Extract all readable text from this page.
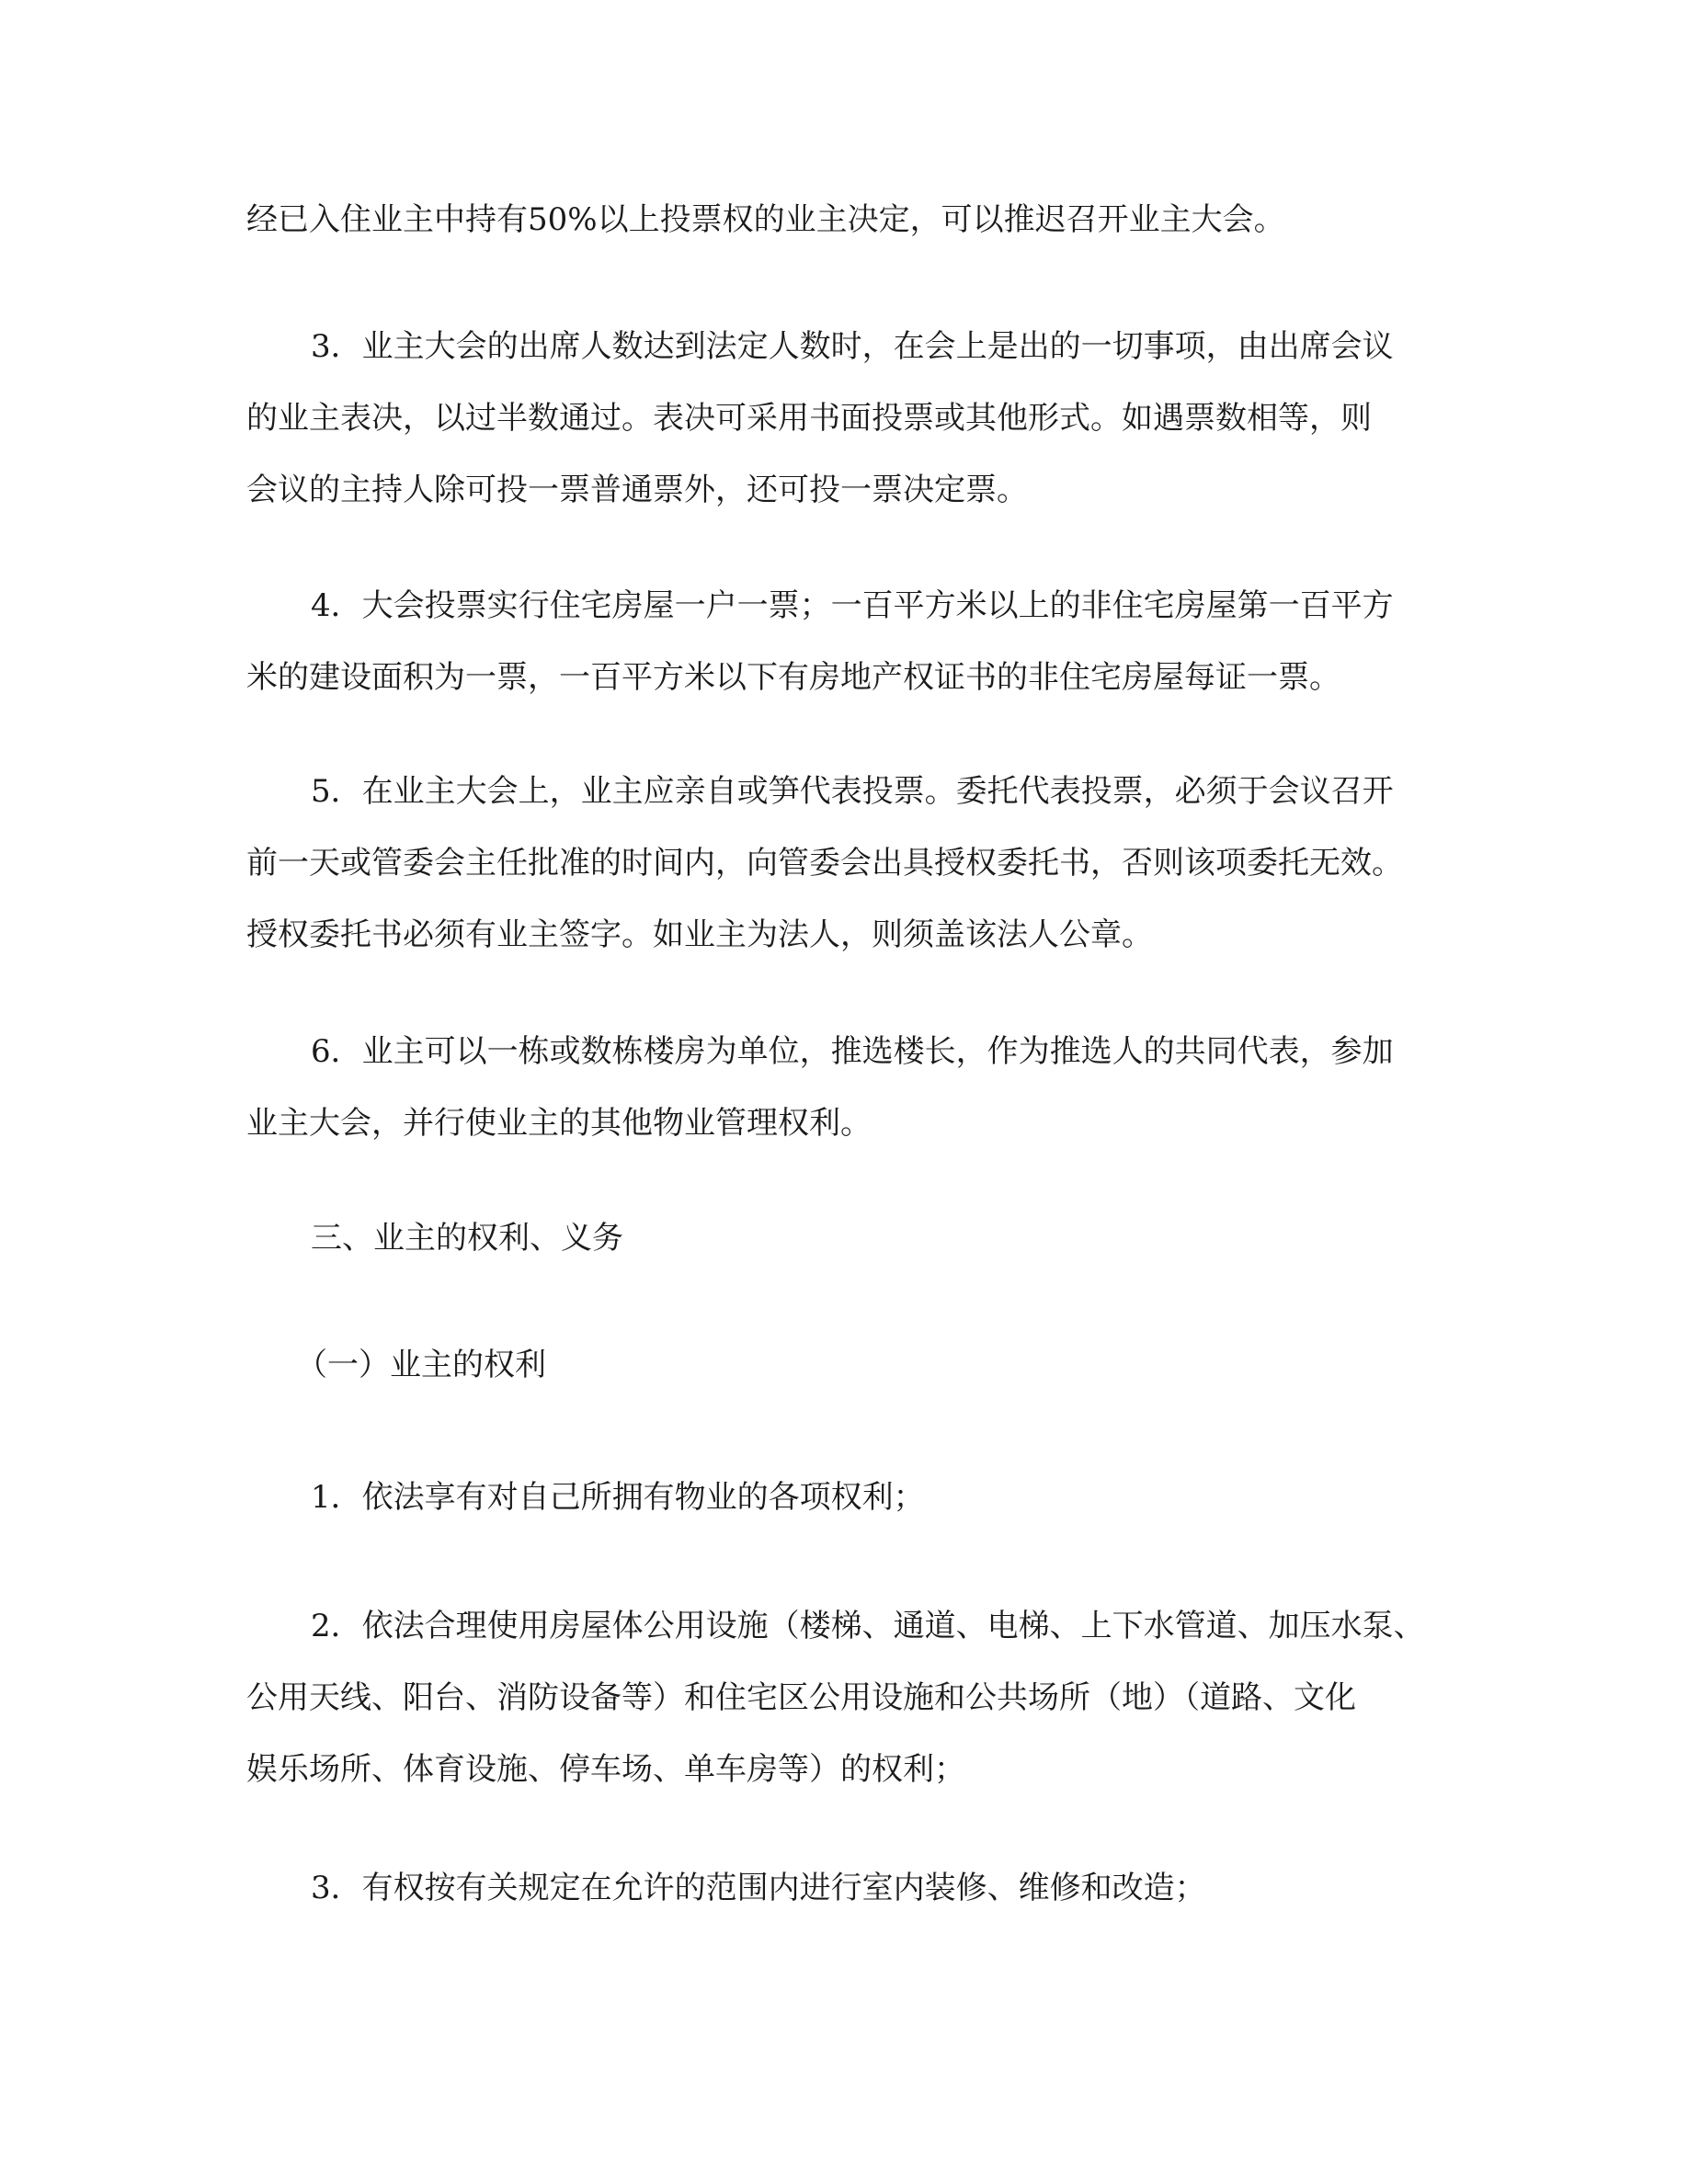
经已入住业主中持有50%以上投票权的业主决定，可以推迟召开业主大会。

3．业主大会的出席人数达到法定人数时，在会上是出的一切事项，由出席会议
的业主表决，以过半数通过。表决可采用书面投票或其他形式。如遇票数相等，则
会议的主持人除可投一票普通票外，还可投一票决定票。

4．大会投票实行住宅房屋一户一票；一百平方米以上的非住宅房屋第一百平方
米的建设面积为一票，一百平方米以下有房地产权证书的非住宅房屋每证一票。

5．在业主大会上，业主应亲自或笋代表投票。委托代表投票，必须于会议召开
前一天或管委会主任批准的时间内，向管委会出具授权委托书，否则该项委托无效。
授权委托书必须有业主签字。如业主为法人，则须盖该法人公章。

6．业主可以一栋或数栋楼房为单位，推选楼长，作为推选人的共同代表，参加
业主大会，并行使业主的其他物业管理权利。

三、业主的权利、义务

（一）业主的权利

1．依法享有对自己所拥有物业的各项权利；

2．依法合理使用房屋体公用设施（楼梯、通道、电梯、上下水管道、加压水泵、
公用天线、阳台、消防设备等）和住宅区公用设施和公共场所（地）（道路、文化
娱乐场所、体育设施、停车场、单车房等）的权利；

3．有权按有关规定在允许的范围内进行室内装修、维修和改造；
